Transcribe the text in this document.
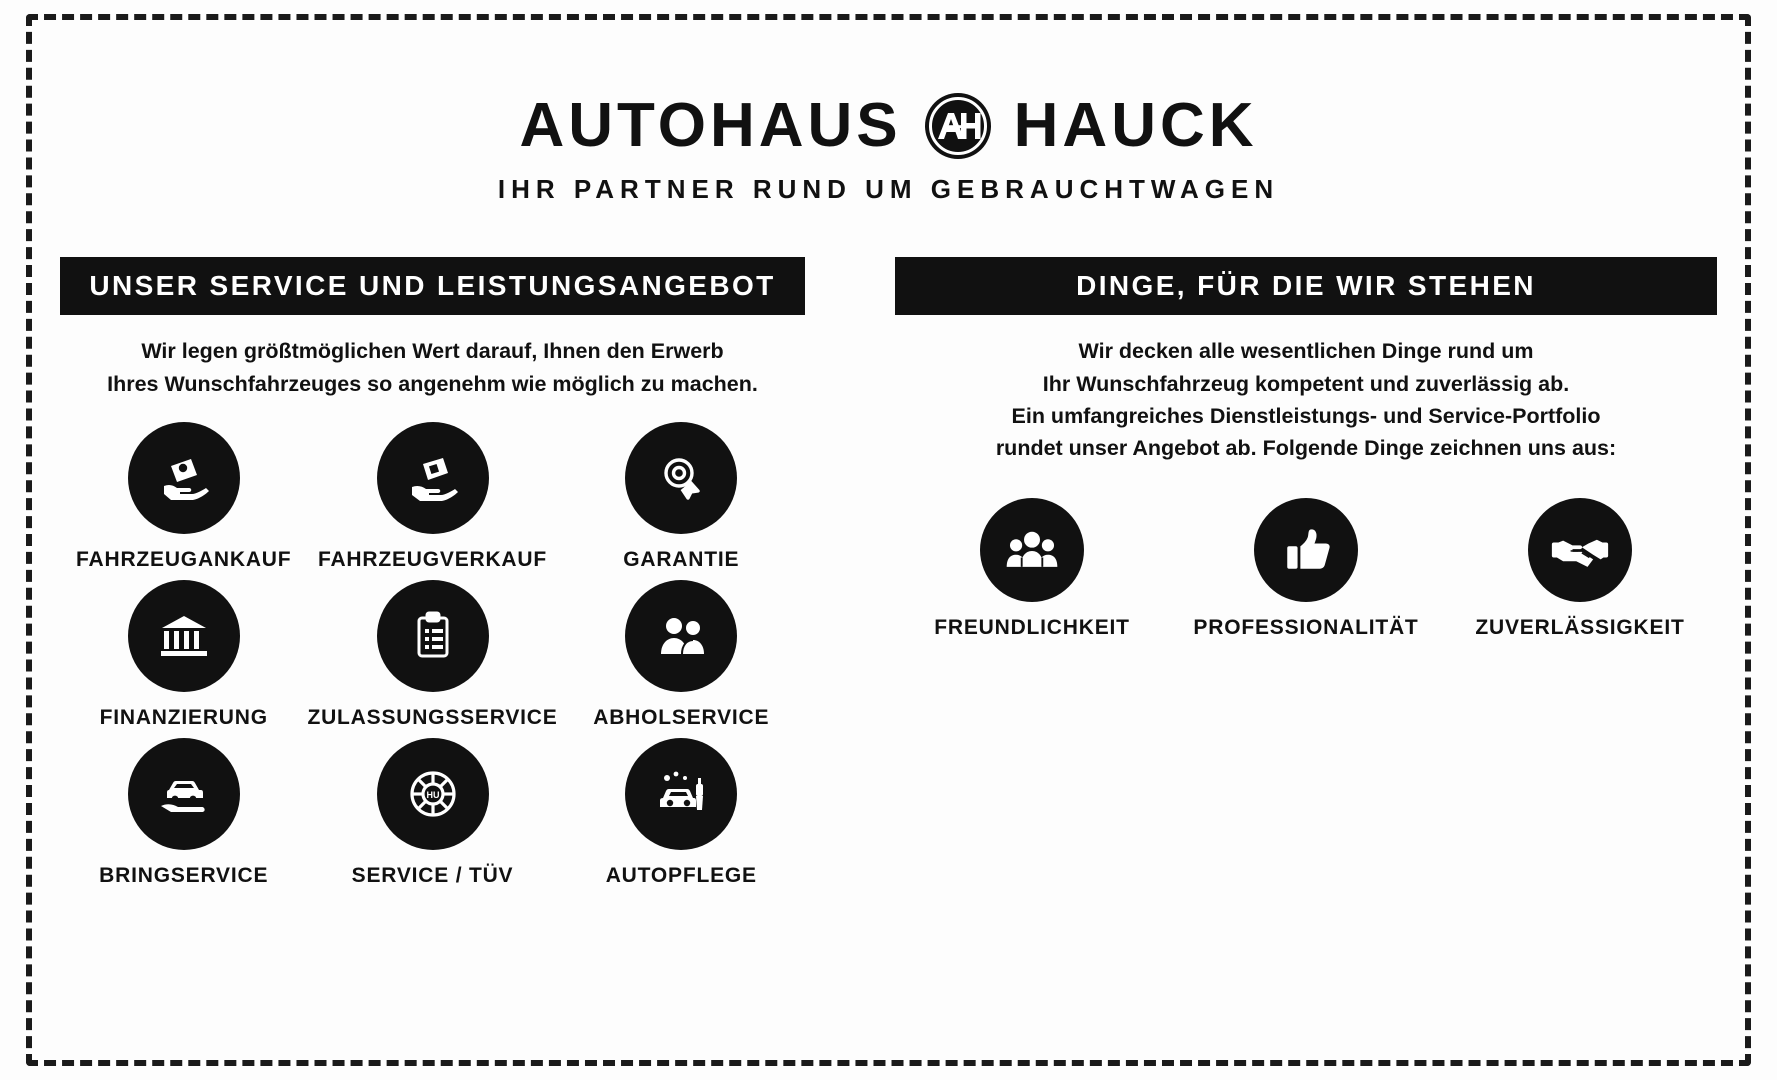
AUTOHAUS HAUCK
IHR PARTNER RUND UM GEBRAUCHTWAGEN
UNSER SERVICE UND LEISTUNGSANGEBOT
Wir legen größtmöglichen Wert darauf, Ihnen den Erwerb
Ihres Wunschfahrzeuges so angenehm wie möglich zu machen.
FAHRZEUGANKAUF FAHRZEUGVERKAUF	GARANTIE
FINANZIERUNG ZULASSUNGSSERVICE ABHOLSERVICE
BRINGSERVICE
HU
SERVICE / TÜV	AUTOPFLEGE
DINGE, FÜR DIE WIR STEHEN
Wir decken alle wesentlichen Dinge rund um
Ihr Wunschfahrzeug kompetent und zuverlässig ab.
Ein umfangreiches Dienstleistungs- und Service-Portfolio
rundet unser Angebot ab. Folgende Dinge zeichnen uns aus:
FREUNDLICHKEIT	PROFESSIONALITÄT	ZUVERLÄSSIGKEIT
